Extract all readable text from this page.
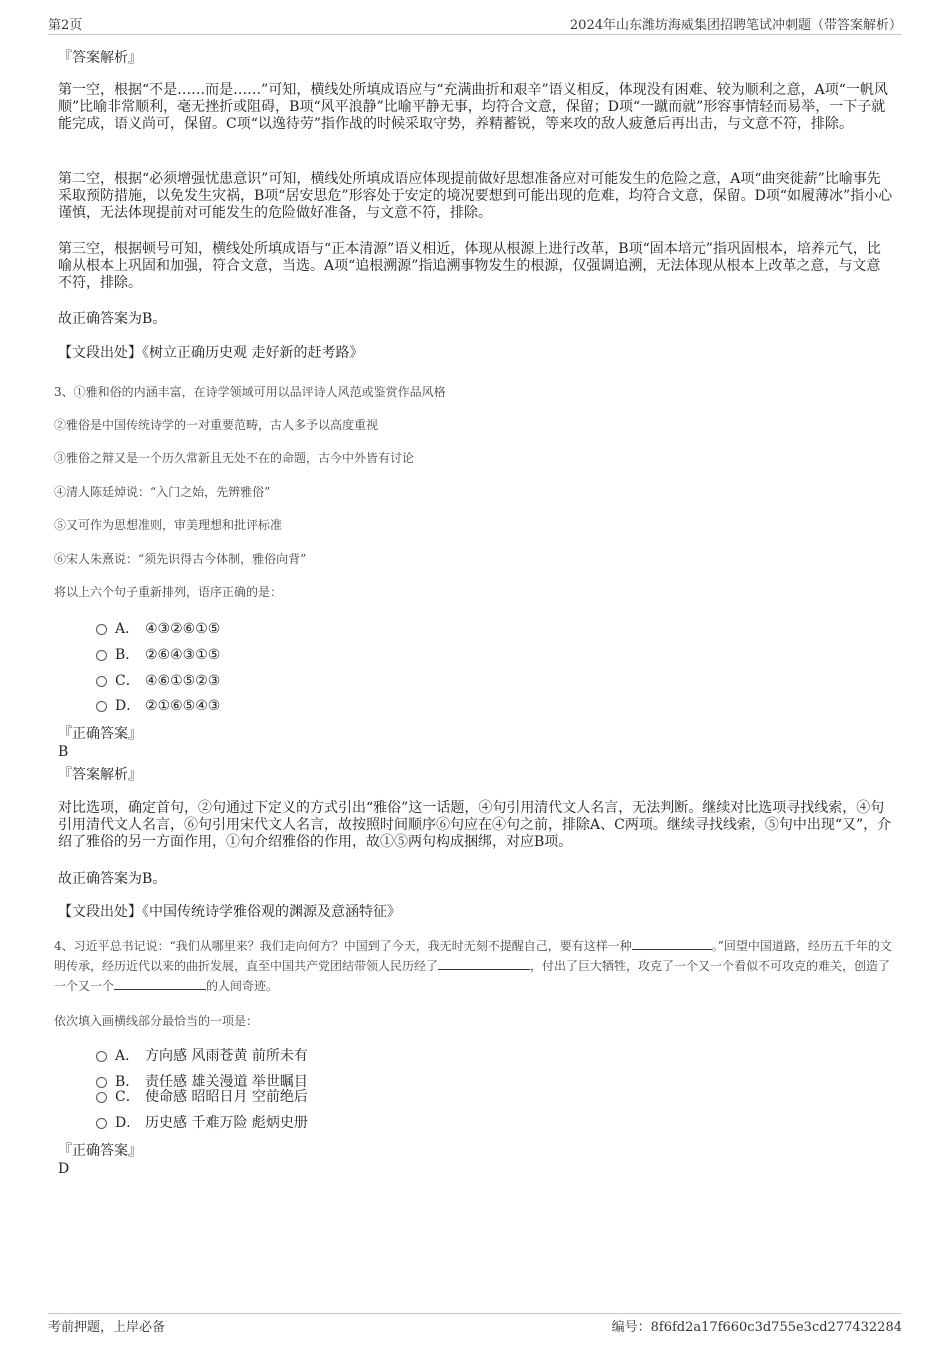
第2页	2024年山东潍坊海威集团招聘笔试冲刺题（带答案解析）
『答案解析』
第一空，根据“不是……而是……”可知，横线处所填成语应与“充满曲折和艰辛”语义相反，体现没有困难、较为顺利之意，A项“一帆风顺”比喻非常顺利，毫无挫折或阻碍，B项“风平浪静”比喻平静无事，均符合文意，保留；D项“一蹴而就”形容事情轻而易举，一下子就能完成，语义尚可，保留。C项“以逸待劳”指作战的时候采取守势，养精蓄锐，等来攻的敌人疲惫后再出击，与文意不符，排除。
第二空，根据“必须增强忧患意识”可知，横线处所填成语应体现提前做好思想准备应对可能发生的危险之意，A项“曲突徙薪”比喻事先采取预防措施，以免发生灾祸，B项“居安思危”形容处于安定的境况要想到可能出现的危难，均符合文意，保留。D项“如履薄冰”指小心谨慎，无法体现提前对可能发生的危险做好准备，与文意不符，排除。
第三空，根据顿号可知，横线处所填成语与“正本清源”语义相近，体现从根源上进行改革，B项“固本培元”指巩固根本，培养元气，比喻从根本上巩固和加强，符合文意，当选。A项“追根溯源”指追溯事物发生的根源，仅强调追溯，无法体现从根本上改革之意，与文意不符，排除。
故正确答案为B。
【文段出处】《树立正确历史观 走好新的赶考路》
3、①雅和俗的内涵丰富，在诗学领域可用以品评诗人风范或鉴赏作品风格
②雅俗是中国传统诗学的一对重要范畴，古人多予以高度重视
③雅俗之辩又是一个历久常新且无处不在的命题，古今中外皆有讨论
④清人陈廷焯说：“入门之始，先辨雅俗”
⑤又可作为思想准则，审美理想和批评标准
⑥宋人朱熹说：“须先识得古今体制，雅俗向背”
将以上六个句子重新排列，语序正确的是：
A． ④③②⑥①⑤
B． ②⑥④③①⑤
C． ④⑥①⑤②③
D． ②①⑥⑤④③
『正确答案』
B
『答案解析』
对比选项，确定首句，②句通过下定义的方式引出“雅俗”这一话题，④句引用清代文人名言，无法判断。继续对比选项寻找线索，④句引用清代文人名言，⑥句引用宋代文人名言，故按照时间顺序⑥句应在④句之前，排除A、C两项。继续寻找线索，⑤句中出现“又”，介绍了雅俗的另一方面作用，①句介绍雅俗的作用，故①⑤两句构成捆绑，对应B项。
故正确答案为B。
【文段出处】《中国传统诗学雅俗观的渊源及意涵特征》
4、习近平总书记说：“我们从哪里来？我们走向何方？中国到了今天，我无时无刻不提醒自己，要有这样一种	。”回望中国道路，经历五千年的文明传承，经历近代以来的曲折发展，直至中国共产党团结带领人民历经了	，付出了巨大牺牲，攻克了一个又一个看似不可攻克的难关，创造了一个又一个	的人间奇迹。
依次填入画横线部分最恰当的一项是：
A． 方向感 风雨苍黄 前所未有
B． 责任感 雄关漫道 举世瞩目
C． 使命感 昭昭日月 空前绝后
D． 历史感 千难万险 彪炳史册
『正确答案』
D
考前押题，上岸必备	编号：8f6fd2a17f660c3d755e3cd277432284
